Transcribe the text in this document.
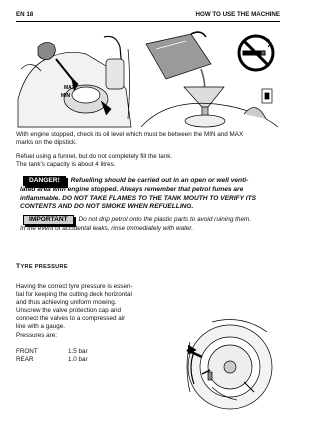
EN 18	HOW TO USE THE MACHINE
MAX
MIN
With engine stopped, check its oil level which must be between the MIN and MAX
marks on the dipstick.
Refuel using a funnel, but do not completely fill the tank.
The tank's capacity is about 4 litres.
DANGER! Refuelling should be carried out in an open or well venti-
lated area with engine stopped. Always remember that petrol fumes are
inflammable. DO NOT TAKE FLAMES TO THE TANK MOUTH TO VERIFY ITS
CONTENTS AND DO NOT SMOKE WHEN REFUELLING.
IMPORTANT Do not drip petrol onto the plastic parts to avoid ruining them.
In the event of accidental leaks, rinse immediately with water.
TYRE PRESSURE
Having the correct tyre pressure is essen-
tial for keeping the cutting deck horizontal
and thus achieving uniform mowing.
Unscrew the valve protection cap and
connect the valves to a compressed air
line with a gauge.
Pressures are:
FRONT	1.5 bar
REAR	1.0 bar
